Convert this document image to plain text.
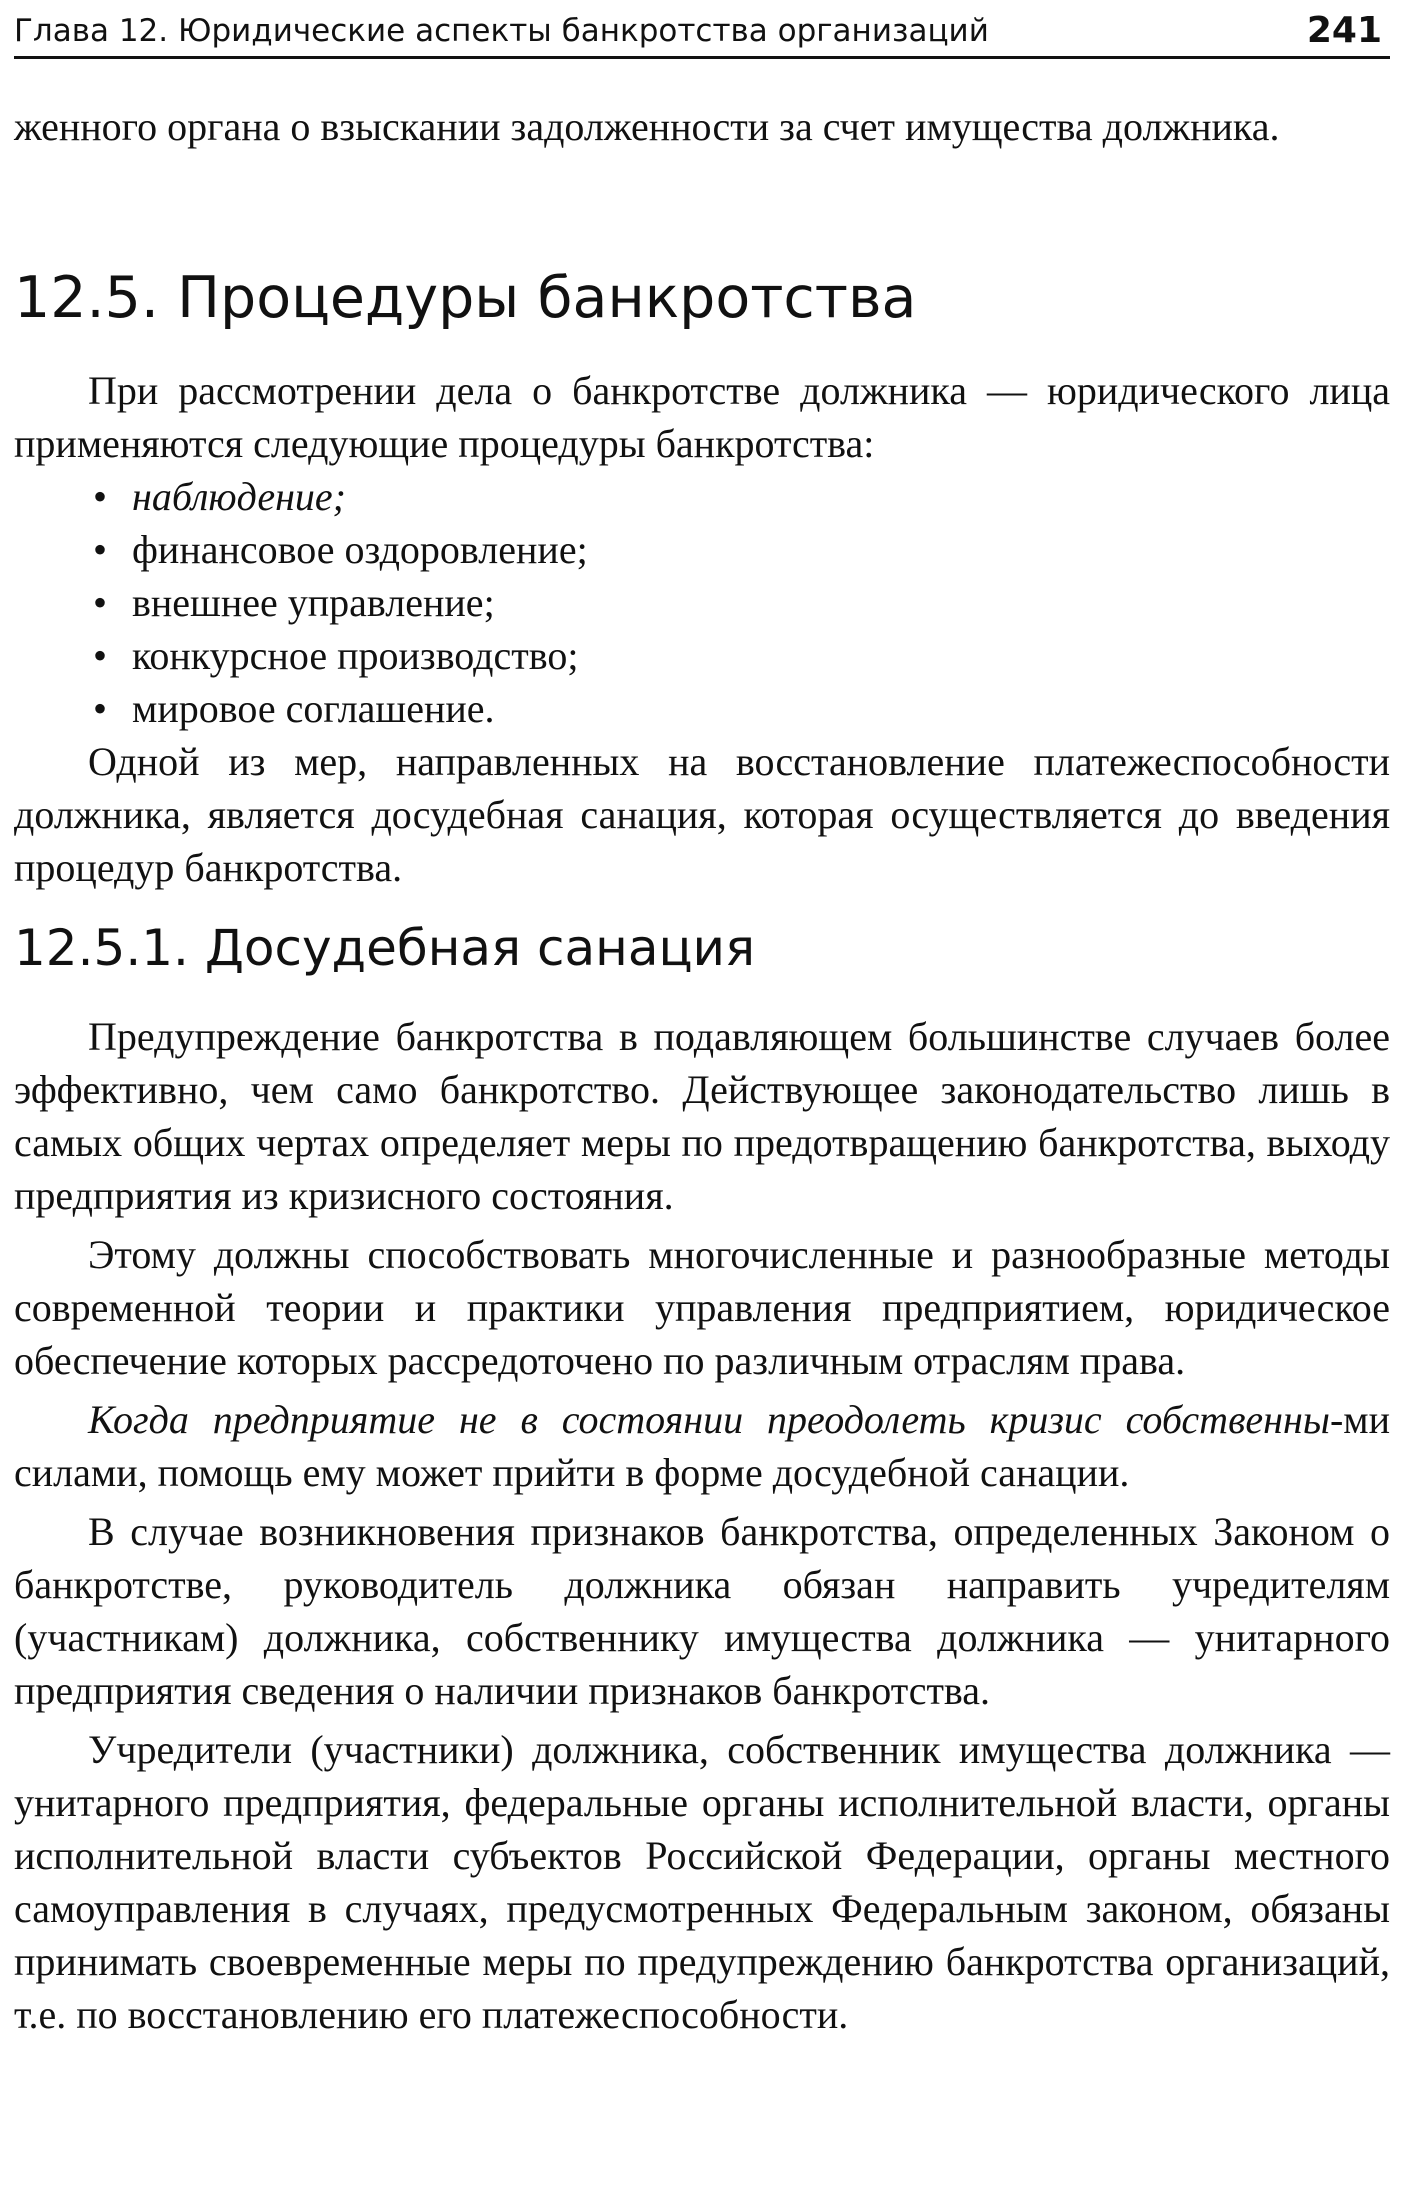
Глава 12. Юридические аспекты банкротства организаций	241

женного органа о взыскании задолженности за счет имущества должника.

12.5. Процедуры банкротства

При рассмотрении дела о банкротстве должника — юридического лица применяются следующие процедуры банкротства:

• наблюдение;
• финансовое оздоровление;
• внешнее управление;
• конкурсное производство;
• мировое соглашение.

Одной из мер, направленных на восстановление платежеспособности должника, является досудебная санация, которая осуществляется до введения процедур банкротства.

12.5.1. Досудебная санация

Предупреждение банкротства в подавляющем большинстве случаев более эффективно, чем само банкротство. Действующее законодательство лишь в самых общих чертах определяет меры по предотвращению банкротства, выходу предприятия из кризисного состояния.

Этому должны способствовать многочисленные и разнообразные методы современной теории и практики управления предприятием, юридическое обеспечение которых рассредоточено по различным отраслям права.

Когда предприятие не в состоянии преодолеть кризис собственны-ми силами, помощь ему может прийти в форме досудебной санации.

В случае возникновения признаков банкротства, определенных Законом о банкротстве, руководитель должника обязан направить учредителям (участникам) должника, собственнику имущества должника — унитарного предприятия сведения о наличии признаков банкротства.

Учредители (участники) должника, собственник имущества должника — унитарного предприятия, федеральные органы исполнительной власти, органы исполнительной власти субъектов Российской Федерации, органы местного самоуправления в случаях, предусмотренных Федеральным законом, обязаны принимать своевременные меры по предупреждению банкротства организаций, т.е. по восстановлению его платежеспособности.
